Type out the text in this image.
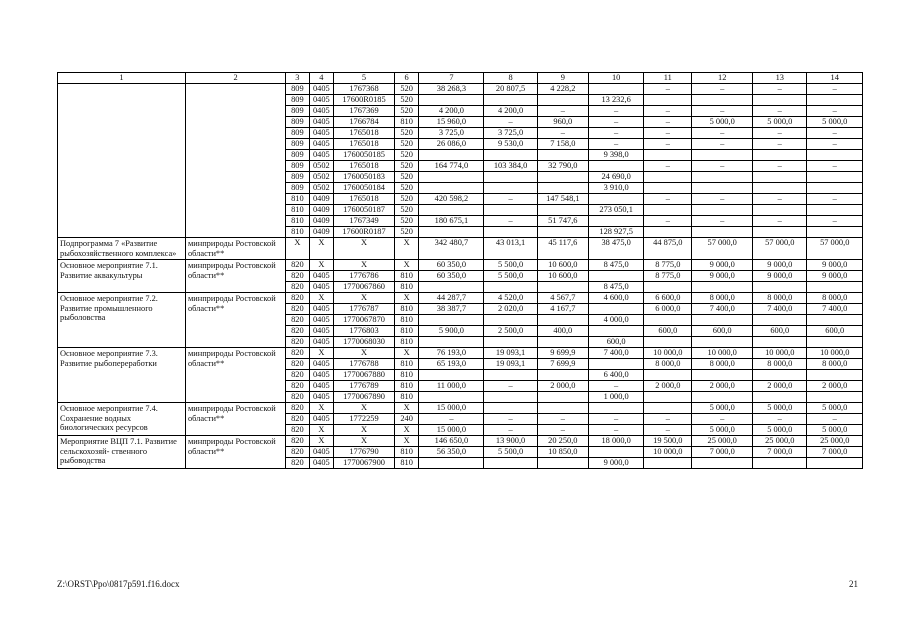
1	2	3	4	5	6	7	8	9	10	11	12	13	14
		809	0405	1767368	520	38 268,3	20 807,5	4 228,2		–	–	–	–
		809	0405	17600R0185	520				13 232,6				
		809	0405	1767369	520	4 200,0	4 200,0	–	–	–	–	–	–
		809	0405	1766784	810	15 960,0	–	960,0	–	–	5 000,0	5 000,0	5 000,0
		809	0405	1765018	520	3 725,0	3 725,0	–	–	–	–	–	–
		809	0405	1765018	520	26 086,0	9 530,0	7 158,0	–	–	–	–	–
		809	0405	1760050185	520				9 398,0				
		809	0502	1765018	520	164 774,0	103 384,0	32 790,0		–	–	–	–
		809	0502	1760050183	520				24 690,0				
		809	0502	1760050184	520				3 910,0				
		810	0409	1765018	520	420 598,2	–	147 548,1		–	–	–	–
		810	0409	1760050187	520				273 050,1				
		810	0409	1767349	520	180 675,1	–	51 747,6		–	–	–	–
		810	0409	17600R0187	520				128 927,5				
Подпрограмма 7 «Развитие рыбохозяйственного комплекса»	минприроды Ростовской области**	X	X	X	X	342 480,7	43 013,1	45 117,6	38 475,0	44 875,0	57 000,0	57 000,0	57 000,0
Основное мероприятие 7.1. Развитие аквакультуры	минприроды Ростовской области**	820	X	X	X	60 350,0	5 500,0	10 600,0	8 475,0	8 775,0	9 000,0	9 000,0	9 000,0
		820	0405	1776786	810	60 350,0	5 500,0	10 600,0		8 775,0	9 000,0	9 000,0	9 000,0
		820	0405	1770067860	810				8 475,0				
Основное мероприятие 7.2. Развитие промышленного рыболовства	минприроды Ростовской области**	820	X	X	X	44 287,7	4 520,0	4 567,7	4 600,0	6 600,0	8 000,0	8 000,0	8 000,0
		820	0405	1776787	810	38 387,7	2 020,0	4 167,7		6 000,0	7 400,0	7 400,0	7 400,0
		820	0405	1770067870	810				4 000,0				
		820	0405	1776803	810	5 900,0	2 500,0	400,0		600,0	600,0	600,0	600,0
		820	0405	1770068030	810				600,0				
Основное мероприятие 7.3. Развитие рыбопереработки	минприроды Ростовской области**	820	X	X	X	76 193,0	19 093,1	9 699,9	7 400,0	10 000,0	10 000,0	10 000,0	10 000,0
		820	0405	1776788	810	65 193,0	19 093,1	7 699,9		8 000,0	8 000,0	8 000,0	8 000,0
		820	0405	1770067880	810				6 400,0				
		820	0405	1776789	810	11 000,0	–	2 000,0	–	2 000,0	2 000,0	2 000,0	2 000,0
		820	0405	1770067890	810				1 000,0				
Основное мероприятие 7.4. Сохранение водных биологических ресурсов	минприроды Ростовской области**	820	X	X	X	15 000,0					5 000,0	5 000,0	5 000,0
		820	0405	1772259	240	–	–	–	–	–	–	–	–
		820	X	X	X	15 000,0	–	–	–	–	5 000,0	5 000,0	5 000,0
Мероприятие ВЦП 7.1. Развитие сельскохозяй- ственного рыбоводства	минприроды Ростовской области**	820	X	X	X	146 650,0	13 900,0	20 250,0	18 000,0	19 500,0	25 000,0	25 000,0	25 000,0
		820	0405	1776790	810	56 350,0	5 500,0	10 850,0		10 000,0	7 000,0	7 000,0	7 000,0
		820	0405	1770067900	810				9 000,0				
Z:\ORST\Ppo\0817p591.f16.docx	21
